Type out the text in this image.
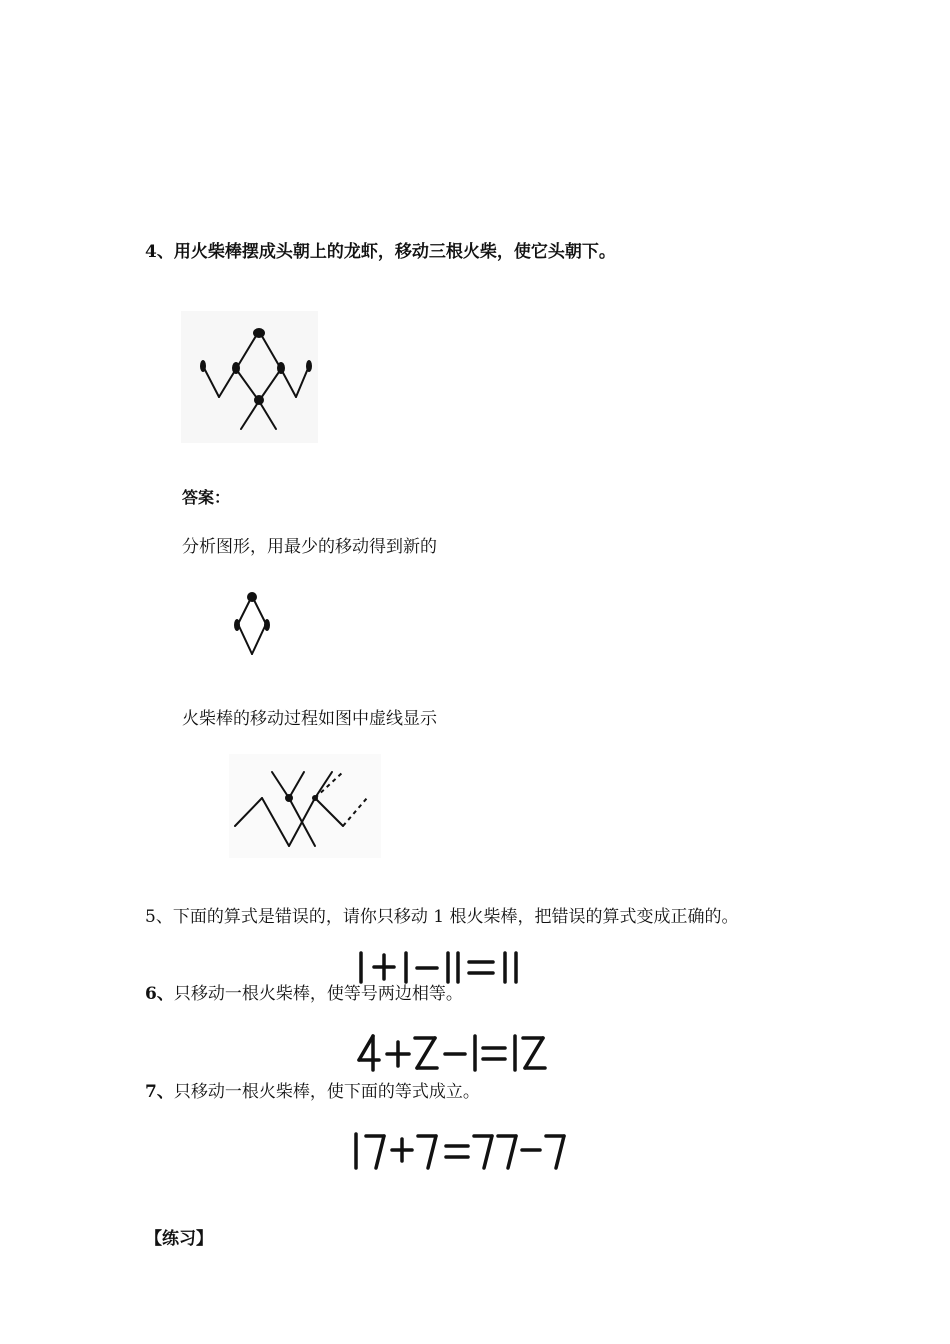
4、用火柴棒摆成头朝上的龙虾，移动三根火柴，使它头朝下。
答案：
分析图形，用最少的移动得到新的
火柴棒的移动过程如图中虚线显示
5、下面的算式是错误的，请你只移动 1 根火柴棒，把错误的算式变成正确的。
6、只移动一根火柴棒，使等号两边相等。
7、只移动一根火柴棒，使下面的等式成立。
【练习】
